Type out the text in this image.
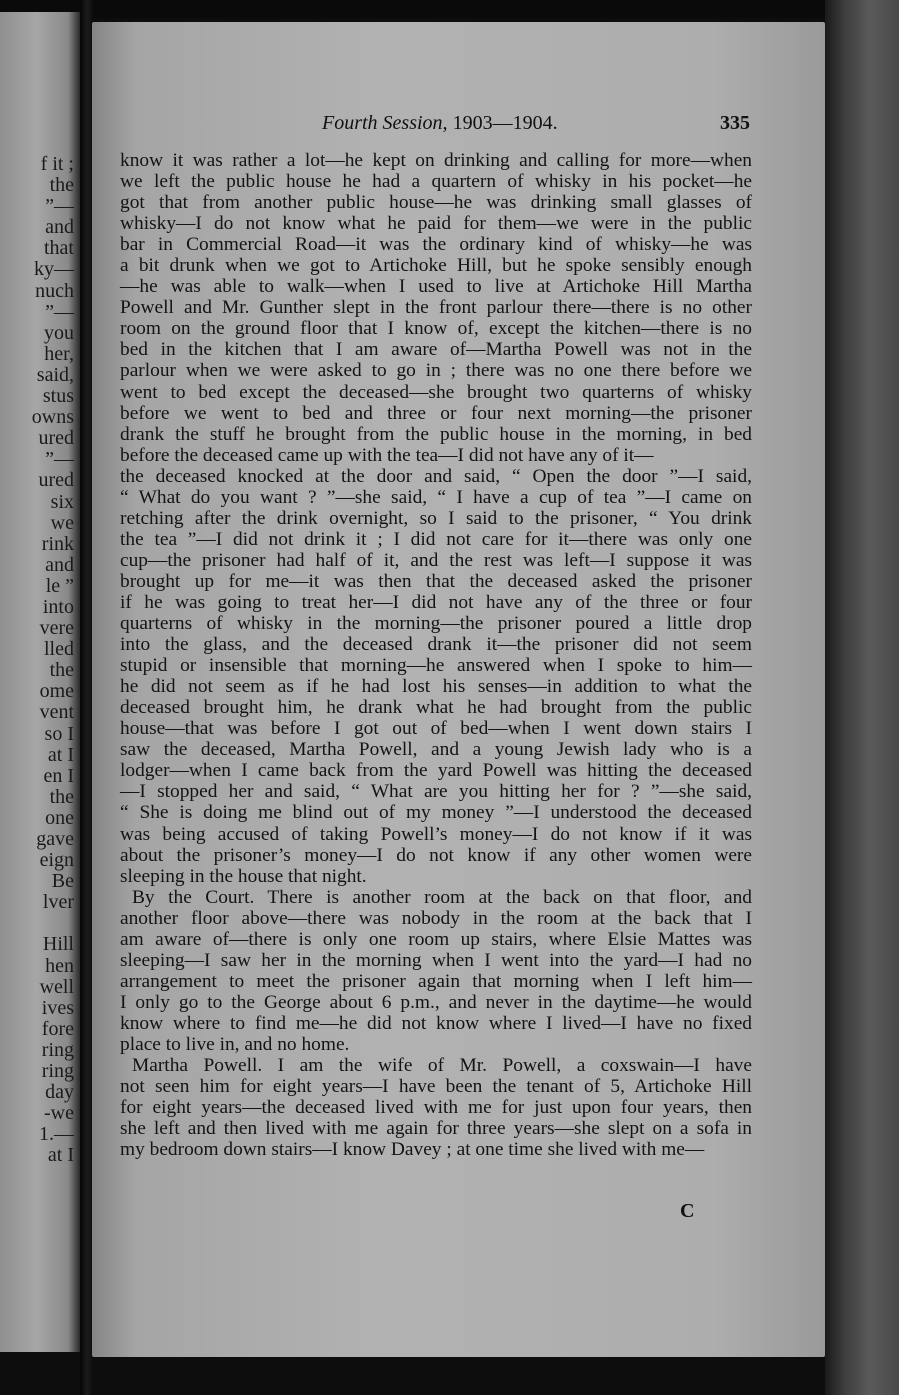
f it ;
the
”—
and
that
ky—
nuch
”—
you
her,
said,
stus
owns
ured
”—
ured
six
we
rink
and
le ”
into
vere
lled
the
ome
vent
so I
at I
en I
the
one
gave
eign
Be
lver

Hill
hen
well
ives
fore
ring
ring
day
-we
1.—
at I
Fourth Session, 1903—1904.	335
know it was rather a lot—he kept on drinking and calling for more—when
we left the public house he had a quartern of whisky in his pocket—he
got that from another public house—he was drinking small glasses of
whisky—I do not know what he paid for them—we were in the public
bar in Commercial Road—it was the ordinary kind of whisky—he was
a bit drunk when we got to Artichoke Hill, but he spoke sensibly enough
—he was able to walk—when I used to live at Artichoke Hill Martha
Powell and Mr. Gunther slept in the front parlour there—there is no other
room on the ground floor that I know of, except the kitchen—there is no
bed in the kitchen that I am aware of—Martha Powell was not in the
parlour when we were asked to go in ; there was no one there before we
went to bed except the deceased—she brought two quarterns of whisky
before we went to bed and three or four next morning—the prisoner
drank the stuff he brought from the public house in the morning, in bed
before the deceased came up with the tea—I did not have any of it—
the deceased knocked at the door and said, “ Open the door ”—I said,
“ What do you want ? ”—she said, “ I have a cup of tea ”—I came on
retching after the drink overnight, so I said to the prisoner, “ You drink
the tea ”—I did not drink it ; I did not care for it—there was only one
cup—the prisoner had half of it, and the rest was left—I suppose it was
brought up for me—it was then that the deceased asked the prisoner
if he was going to treat her—I did not have any of the three or four
quarterns of whisky in the morning—the prisoner poured a little drop
into the glass, and the deceased drank it—the prisoner did not seem
stupid or insensible that morning—he answered when I spoke to him—
he did not seem as if he had lost his senses—in addition to what the
deceased brought him, he drank what he had brought from the public
house—that was before I got out of bed—when I went down stairs I
saw the deceased, Martha Powell, and a young Jewish lady who is a
lodger—when I came back from the yard Powell was hitting the deceased
—I stopped her and said, “ What are you hitting her for ? ”—she said,
“ She is doing me blind out of my money ”—I understood the deceased
was being accused of taking Powell’s money—I do not know if it was
about the prisoner’s money—I do not know if any other women were
sleeping in the house that night.
By the Court. There is another room at the back on that floor, and
another floor above—there was nobody in the room at the back that I
am aware of—there is only one room up stairs, where Elsie Mattes was
sleeping—I saw her in the morning when I went into the yard—I had no
arrangement to meet the prisoner again that morning when I left him—
I only go to the George about 6 p.m., and never in the daytime—he would
know where to find me—he did not know where I lived—I have no fixed
place to live in, and no home.
Martha Powell. I am the wife of Mr. Powell, a coxswain—I have
not seen him for eight years—I have been the tenant of 5, Artichoke Hill
for eight years—the deceased lived with me for just upon four years, then
she left and then lived with me again for three years—she slept on a sofa in
my bedroom down stairs—I know Davey ; at one time she lived with me—
C
